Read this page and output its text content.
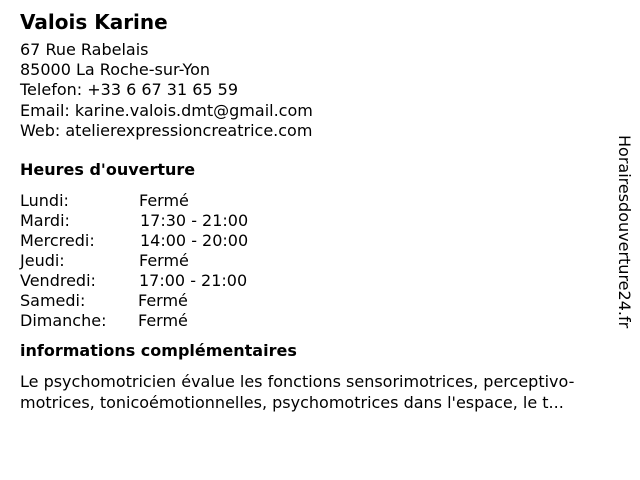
Valois Karine
67 Rue Rabelais
85000 La Roche-sur-Yon
Telefon: +33 6 67 31 65 59
Email: karine.valois.dmt@gmail.com
Web: atelierexpressioncreatrice.com
Heures d'ouverture
Lundi:	Fermé
Mardi:	17:30 - 21:00
Mercredi:	14:00 - 20:00
Jeudi:	Fermé
Vendredi:	17:00 - 21:00
Samedi:	Fermé
Dimanche:	Fermé
informations complémentaires
Le psychomotricien évalue les fonctions sensorimotrices, perceptivo-motrices, tonicoémotionnelles, psychomotrices dans l'espace, le t...
Horairesdouverture24.fr
